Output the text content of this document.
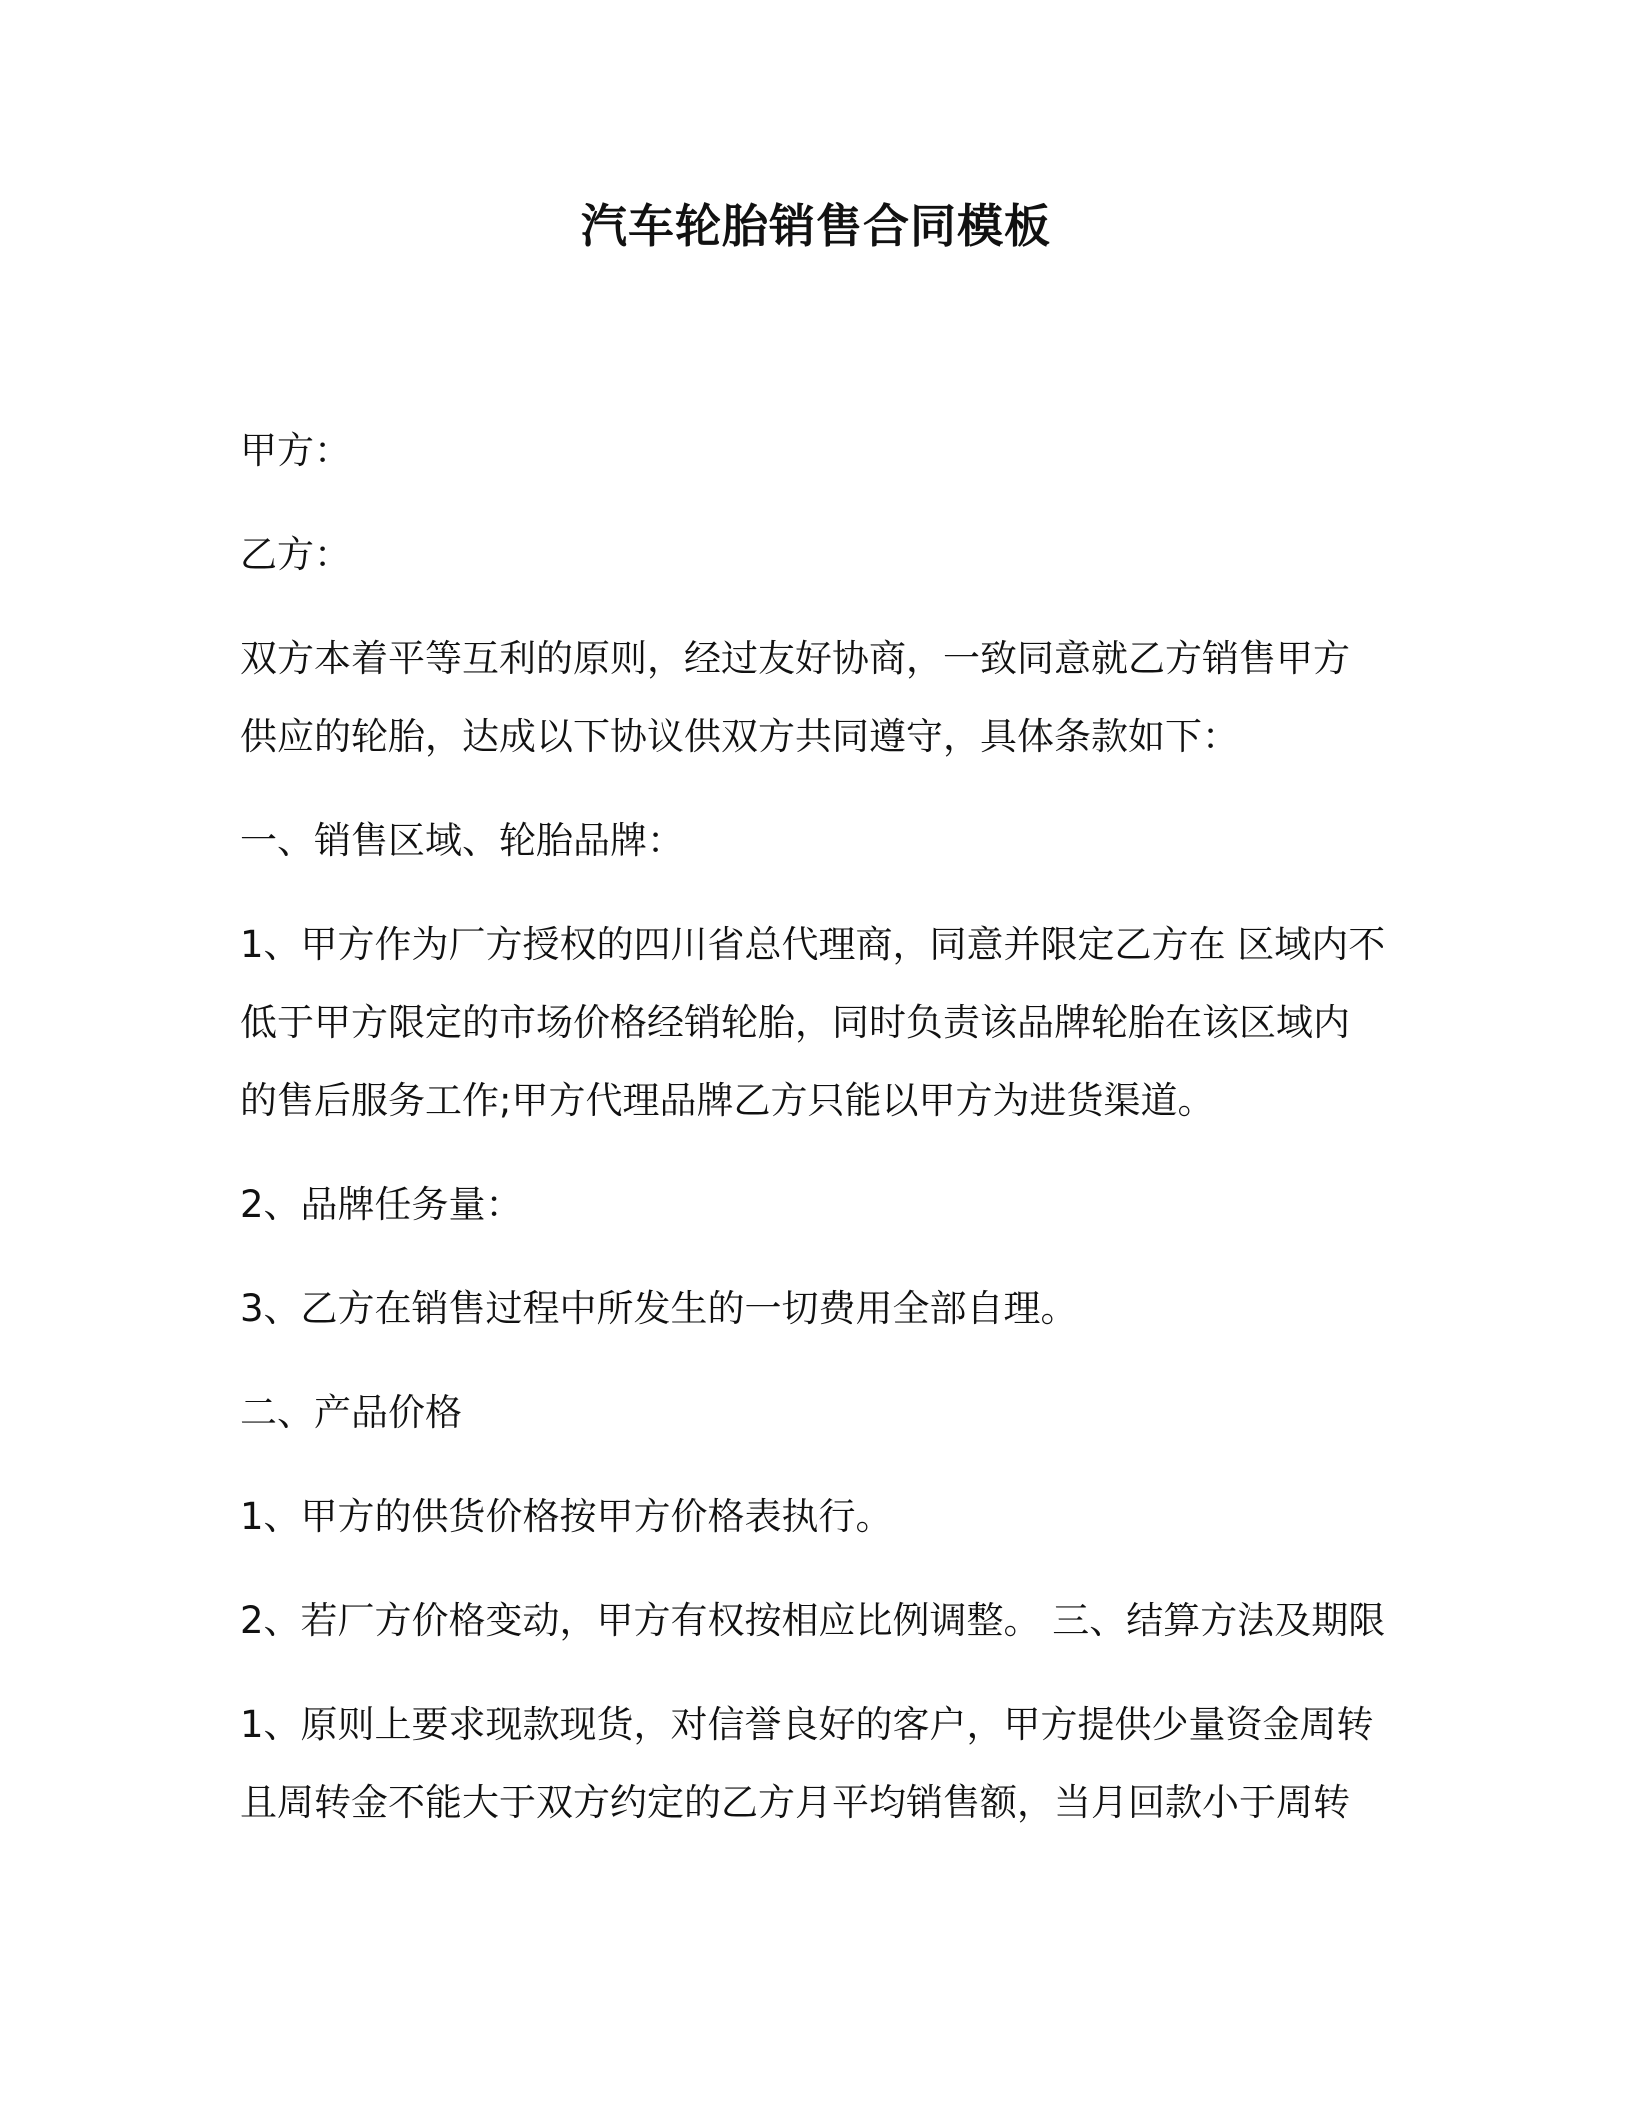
汽车轮胎销售合同模板

甲方：

乙方：

双方本着平等互利的原则，经过友好协商，一致同意就乙方销售甲方
供应的轮胎，达成以下协议供双方共同遵守，具体条款如下：

一、销售区域、轮胎品牌：

1、甲方作为厂方授权的四川省总代理商，同意并限定乙方在 区域内不
低于甲方限定的市场价格经销轮胎，同时负责该品牌轮胎在该区域内
的售后服务工作;甲方代理品牌乙方只能以甲方为进货渠道。

2、品牌任务量：

3、乙方在销售过程中所发生的一切费用全部自理。

二、产品价格

1、甲方的供货价格按甲方价格表执行。

2、若厂方价格变动，甲方有权按相应比例调整。 三、结算方法及期限

1、原则上要求现款现货，对信誉良好的客户，甲方提供少量资金周转
且周转金不能大于双方约定的乙方月平均销售额，当月回款小于周转
